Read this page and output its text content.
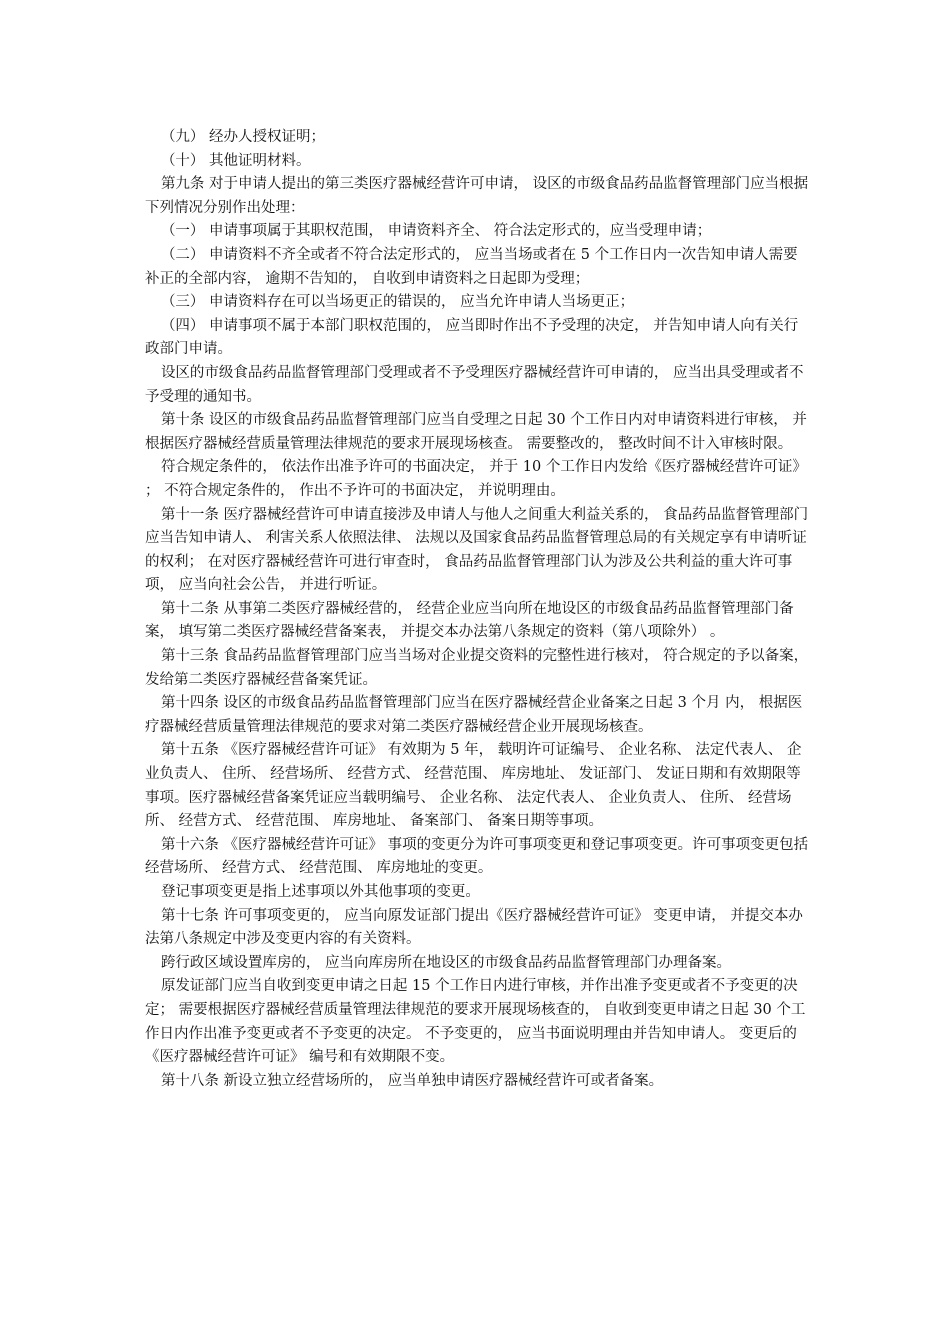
（九） 经办人授权证明；

（十） 其他证明材料。

第九条 对于申请人提出的第三类医疗器械经营许可申请， 设区的市级食品药品监督管理部门应当根据下列情况分别作出处理：

（一） 申请事项属于其职权范围， 申请资料齐全、 符合法定形式的，应当受理申请；

（二） 申请资料不齐全或者不符合法定形式的， 应当当场或者在 5 个工作日内一次告知申请人需要补正的全部内容， 逾期不告知的， 自收到申请资料之日起即为受理；

（三） 申请资料存在可以当场更正的错误的， 应当允许申请人当场更正；

（四） 申请事项不属于本部门职权范围的， 应当即时作出不予受理的决定， 并告知申请人向有关行政部门申请。

设区的市级食品药品监督管理部门受理或者不予受理医疗器械经营许可申请的， 应当出具受理或者不予受理的通知书。

第十条 设区的市级食品药品监督管理部门应当自受理之日起 30 个工作日内对申请资料进行审核， 并根据医疗器械经营质量管理法律规范的要求开展现场核查。 需要整改的， 整改时间不计入审核时限。

符合规定条件的， 依法作出准予许可的书面决定， 并于 10 个工作日内发给《医疗器械经营许可证》 ； 不符合规定条件的， 作出不予许可的书面决定， 并说明理由。

第十一条 医疗器械经营许可申请直接涉及申请人与他人之间重大利益关系的， 食品药品监督管理部门应当告知申请人、 利害关系人依照法律、 法规以及国家食品药品监督管理总局的有关规定享有申请听证的权利； 在对医疗器械经营许可进行审查时， 食品药品监督管理部门认为涉及公共利益的重大许可事项， 应当向社会公告， 并进行听证。

第十二条 从事第二类医疗器械经营的， 经营企业应当向所在地设区的市级食品药品监督管理部门备案， 填写第二类医疗器械经营备案表， 并提交本办法第八条规定的资料（第八项除外） 。

第十三条 食品药品监督管理部门应当当场对企业提交资料的完整性进行核对， 符合规定的予以备案， 发给第二类医疗器械经营备案凭证。

第十四条 设区的市级食品药品监督管理部门应当在医疗器械经营企业备案之日起 3 个月 内， 根据医疗器械经营质量管理法律规范的要求对第二类医疗器械经营企业开展现场核查。

第十五条 《医疗器械经营许可证》 有效期为 5 年， 载明许可证编号、 企业名称、 法定代表人、 企业负责人、 住所、 经营场所、 经营方式、 经营范围、 库房地址、 发证部门、 发证日期和有效期限等事项。医疗器械经营备案凭证应当载明编号、 企业名称、 法定代表人、 企业负责人、 住所、 经营场所、 经营方式、 经营范围、 库房地址、 备案部门、 备案日期等事项。

第十六条 《医疗器械经营许可证》 事项的变更分为许可事项变更和登记事项变更。许可事项变更包括经营场所、 经营方式、 经营范围、 库房地址的变更。

登记事项变更是指上述事项以外其他事项的变更。

第十七条 许可事项变更的， 应当向原发证部门提出《医疗器械经营许可证》 变更申请， 并提交本办法第八条规定中涉及变更内容的有关资料。

跨行政区域设置库房的， 应当向库房所在地设区的市级食品药品监督管理部门办理备案。

原发证部门应当自收到变更申请之日起 15 个工作日内进行审核，并作出准予变更或者不予变更的决定； 需要根据医疗器械经营质量管理法律规范的要求开展现场核查的， 自收到变更申请之日起 30 个工作日内作出准予变更或者不予变更的决定。 不予变更的， 应当书面说明理由并告知申请人。 变更后的《医疗器械经营许可证》 编号和有效期限不变。

第十八条 新设立独立经营场所的， 应当单独申请医疗器械经营许可或者备案。
